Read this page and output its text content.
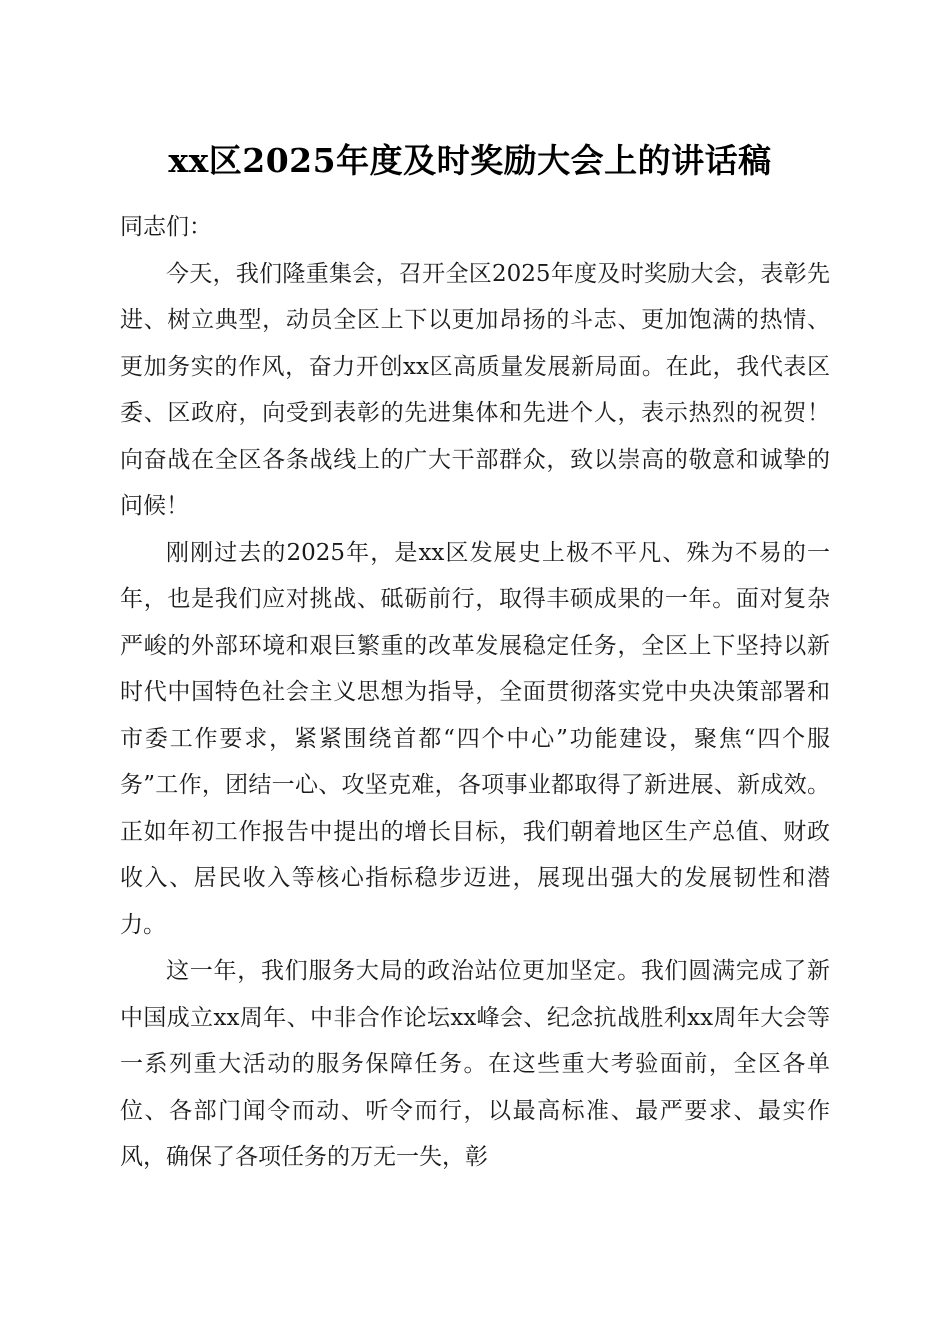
xx区2025年度及时奖励大会上的讲话稿

同志们：

今天，我们隆重集会，召开全区2025年度及时奖励大会，表彰先进、树立典型，动员全区上下以更加昂扬的斗志、更加饱满的热情、更加务实的作风，奋力开创xx区高质量发展新局面。在此，我代表区委、区政府，向受到表彰的先进集体和先进个人，表示热烈的祝贺！向奋战在全区各条战线上的广大干部群众，致以崇高的敬意和诚挚的问候！

刚刚过去的2025年，是xx区发展史上极不平凡、殊为不易的一年，也是我们应对挑战、砥砺前行，取得丰硕成果的一年。面对复杂严峻的外部环境和艰巨繁重的改革发展稳定任务，全区上下坚持以新时代中国特色社会主义思想为指导，全面贯彻落实党中央决策部署和市委工作要求，紧紧围绕首都“四个中心”功能建设，聚焦“四个服务”工作，团结一心、攻坚克难，各项事业都取得了新进展、新成效。正如年初工作报告中提出的增长目标，我们朝着地区生产总值、财政收入、居民收入等核心指标稳步迈进，展现出强大的发展韧性和潜力。

这一年，我们服务大局的政治站位更加坚定。我们圆满完成了新中国成立xx周年、中非合作论坛xx峰会、纪念抗战胜利xx周年大会等一系列重大活动的服务保障任务。在这些重大考验面前，全区各单位、各部门闻令而动、听令而行，以最高标准、最严要求、最实作风，确保了各项任务的万无一失，彰
